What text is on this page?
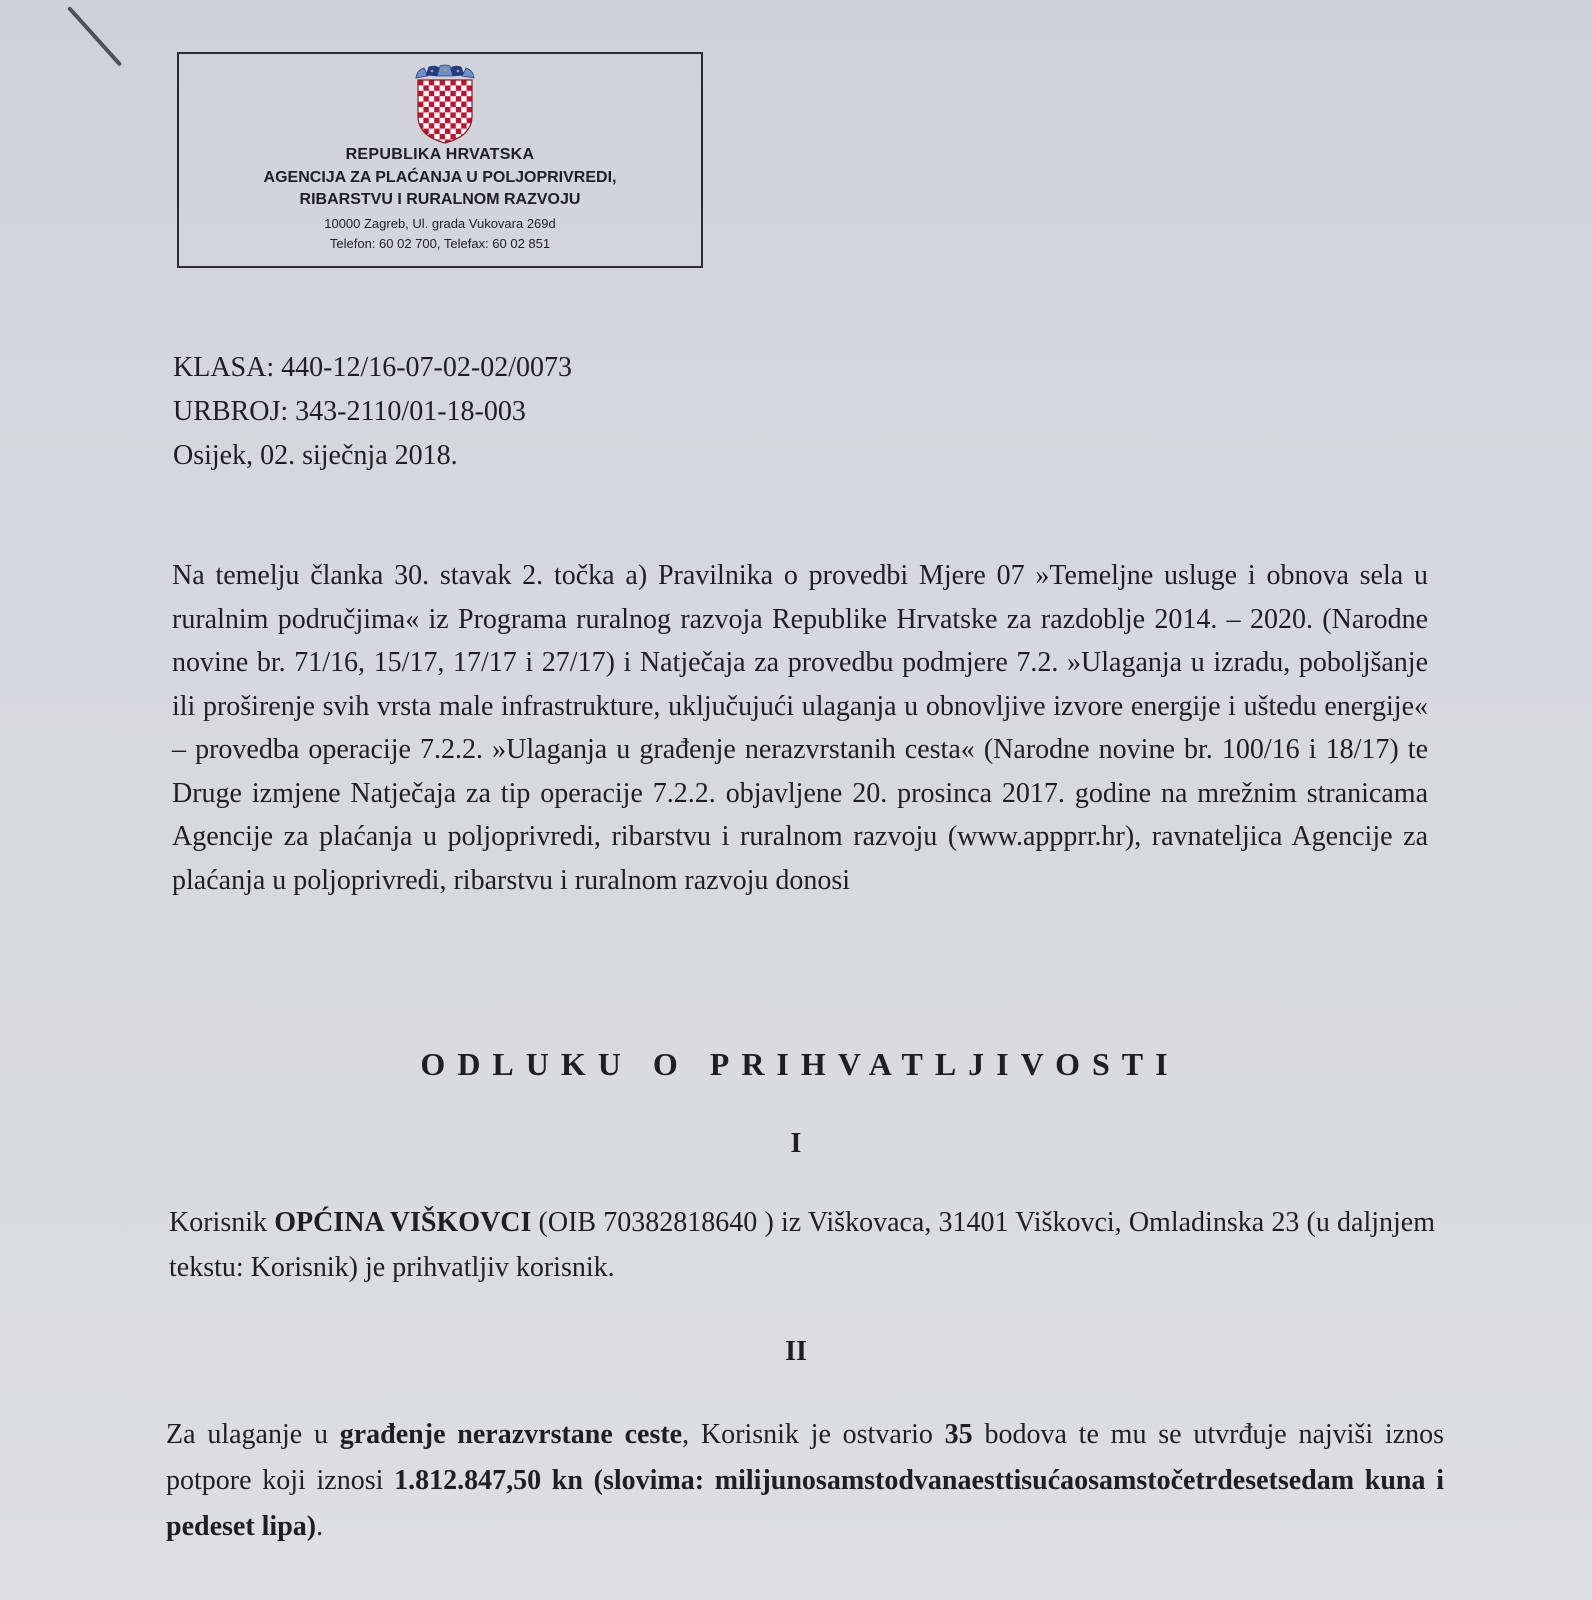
REPUBLIKA HRVATSKA
AGENCIJA ZA PLAĆANJA U POLJOPRIVREDI,
RIBARSTVU I RURALNOM RAZVOJU
10000 Zagreb, Ul. grada Vukovara 269d
Telefon: 60 02 700, Telefax: 60 02 851
KLASA: 440-12/16-07-02-02/0073
URBROJ: 343-2110/01-18-003
Osijek, 02. siječnja 2018.
Na temelju članka 30. stavak 2. točka a) Pravilnika o provedbi Mjere 07 »Temeljne usluge i obnova sela u ruralnim područjima« iz Programa ruralnog razvoja Republike Hrvatske za razdoblje 2014. – 2020. (Narodne novine br. 71/16, 15/17, 17/17 i 27/17) i Natječaja za provedbu podmjere 7.2. »Ulaganja u izradu, poboljšanje ili proširenje svih vrsta male infrastrukture, uključujući ulaganja u obnovljive izvore energije i uštedu energije« – provedba operacije 7.2.2. »Ulaganja u građenje nerazvrstanih cesta« (Narodne novine br. 100/16 i 18/17) te Druge izmjene Natječaja za tip operacije 7.2.2. objavljene 20. prosinca 2017. godine na mrežnim stranicama Agencije za plaćanja u poljoprivredi, ribarstvu i ruralnom razvoju (www.appprr.hr), ravnateljica Agencije za plaćanja u poljoprivredi, ribarstvu i ruralnom razvoju donosi
ODLUKU O PRIHVATLJIVOSTI
I
Korisnik OPĆINA VIŠKOVCI (OIB 70382818640 ) iz Viškovaca, 31401 Viškovci, Omladinska 23 (u daljnjem tekstu: Korisnik) je prihvatljiv korisnik.
II
Za ulaganje u građenje nerazvrstane ceste, Korisnik je ostvario 35 bodova te mu se utvrđuje najviši iznos potpore koji iznosi 1.812.847,50 kn (slovima: milijunosamstodvanaesttisućaosamstočetrdesetsedam kuna i pedeset lipa).
